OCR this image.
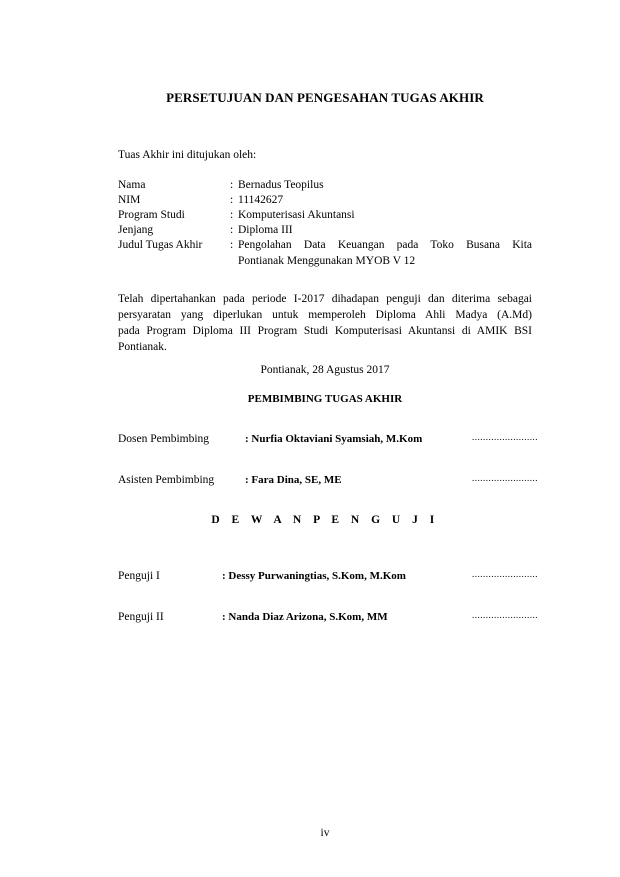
PERSETUJUAN DAN PENGESAHAN TUGAS AKHIR
Tuas Akhir ini ditujukan oleh:
Nama	: Bernadus Teopilus
NIM	: 11142627
Program Studi	: Komputerisasi Akuntansi
Jenjang	: Diploma III
Judul Tugas Akhir	: Pengolahan Data Keuangan pada Toko Busana Kita
Pontianak Menggunakan MYOB V 12
Telah dipertahankan pada periode I-2017 dihadapan penguji dan diterima sebagai
persyaratan yang diperlukan untuk memperoleh Diploma Ahli Madya (A.Md)
pada Program Diploma III Program Studi Komputerisasi Akuntansi di AMIK BSI
Pontianak.
Pontianak, 28 Agustus 2017
PEMBIMBING TUGAS AKHIR
Dosen Pembimbing	: Nurfia Oktaviani Syamsiah, M.Kom	........................
Asisten Pembimbing	: Fara Dina, SE, ME	........................
D E W A N P E N G U J I
Penguji I	: Dessy Purwaningtias, S.Kom, M.Kom	........................
Penguji II	: Nanda Diaz Arizona, S.Kom, MM	........................
iv
